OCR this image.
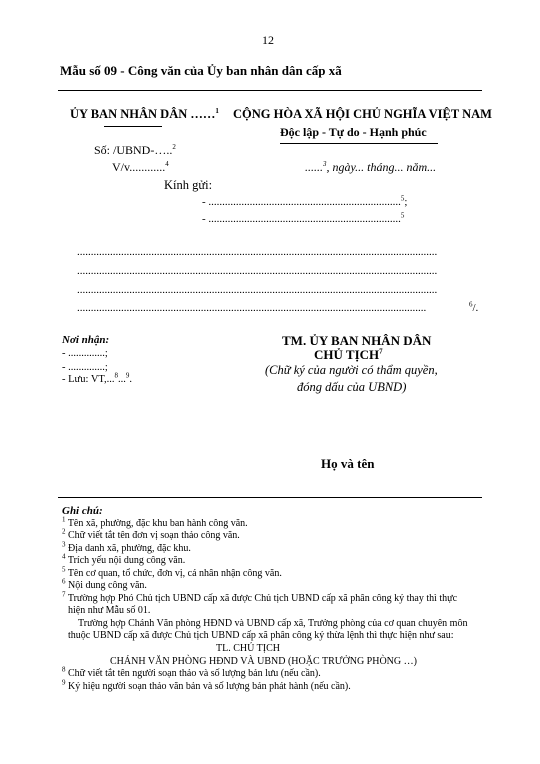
12
Mẫu số 09 - Công văn của Ủy ban nhân dân cấp xã
ỦY BAN NHÂN DÂN ……$^1$ CỘNG HÒA XÃ HỘI CHỦ NGHĨA VIỆT NAM
Độc lập - Tự do - Hạnh phúc
Số: /UBND-…..$^2$
V/v............$^4$	......$^3$, ngày... tháng... năm...
Kính gửi:
- ......................................................................$^5$;
- ......................................................................$^5$
...................................................................................................................................
...................................................................................................................................
...................................................................................................................................
...............................................................................................................................	$^6$/.
Nơi nhận:
- ..............;
- ..............;
- Lưu: VT,...$^8$...$^9$.
TM. ỦY BAN NHÂN DÂN
CHỦ TỊCH$^7$
(Chữ ký của người có thẩm quyền,
đóng dấu của UBND)
Họ và tên
Ghi chú:
$^1$ Tên xã, phường, đặc khu ban hành công văn.
$^2$ Chữ viết tắt tên đơn vị soạn thảo công văn.
$^3$ Địa danh xã, phường, đặc khu.
$^4$ Trích yếu nội dung công văn.
$^5$ Tên cơ quan, tổ chức, đơn vị, cá nhân nhận công văn.
$^6$ Nội dung công văn.
$^7$ Trường hợp Phó Chủ tịch UBND cấp xã được Chủ tịch UBND cấp xã phân công ký thay thì thực
hiện như Mẫu số 01.
Trường hợp Chánh Văn phòng HĐND và UBND cấp xã, Trưởng phòng của cơ quan chuyên môn
thuộc UBND cấp xã được Chủ tịch UBND cấp xã phân công ký thừa lệnh thì thực hiện như sau:
TL. CHỦ TỊCH
CHÁNH VĂN PHÒNG HĐND VÀ UBND (HOẶC TRƯỞNG PHÒNG …)
$^8$ Chữ viết tắt tên người soạn thảo và số lượng bản lưu (nếu cần).
$^9$ Ký hiệu người soạn thảo văn bản và số lượng bản phát hành (nếu cần).
